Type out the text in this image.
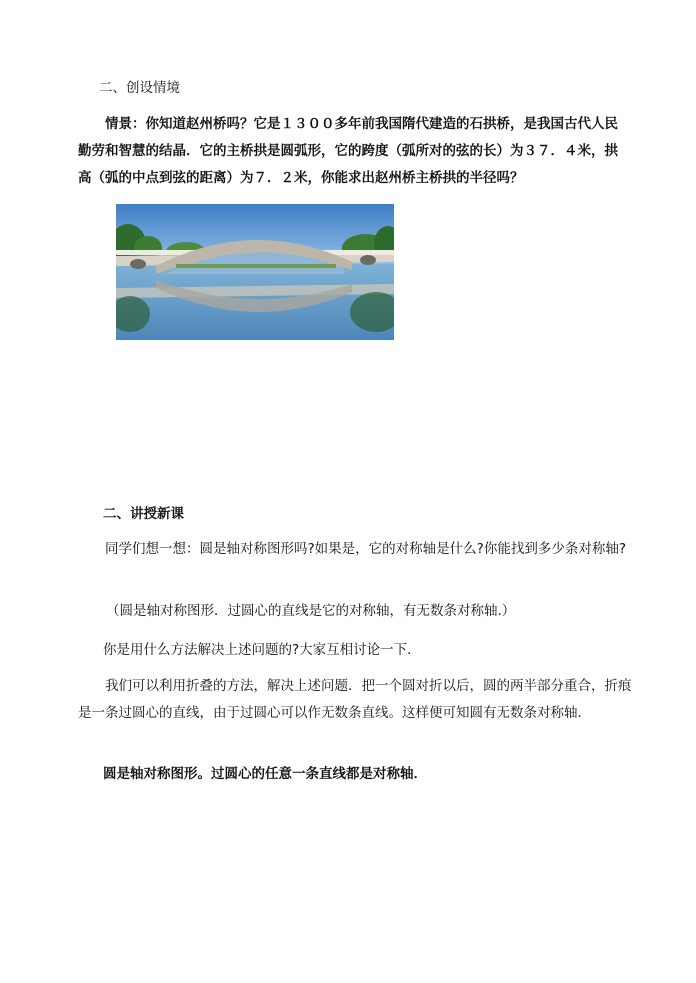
二、创设情境

情景：你知道赵州桥吗？它是１３００多年前我国隋代建造的石拱桥，是我国古代人民勤劳和智慧的结晶．它的主桥拱是圆弧形，它的跨度（弧所对的弦的长）为３７．４米，拱高（弧的中点到弦的距离）为７．２米，你能求出赵州桥主桥拱的半径吗？

二、讲授新课

同学们想一想：圆是轴对称图形吗?如果是，它的对称轴是什么?你能找到多少条对称轴?

（圆是轴对称图形．过圆心的直线是它的对称轴，有无数条对称轴.）

你是用什么方法解决上述问题的?大家互相讨论一下．

我们可以利用折叠的方法，解决上述问题．把一个圆对折以后，圆的两半部分重合，折痕是一条过圆心的直线，由于过圆心可以作无数条直线。这样便可知圆有无数条对称轴．

圆是轴对称图形。过圆心的任意一条直线都是对称轴．
